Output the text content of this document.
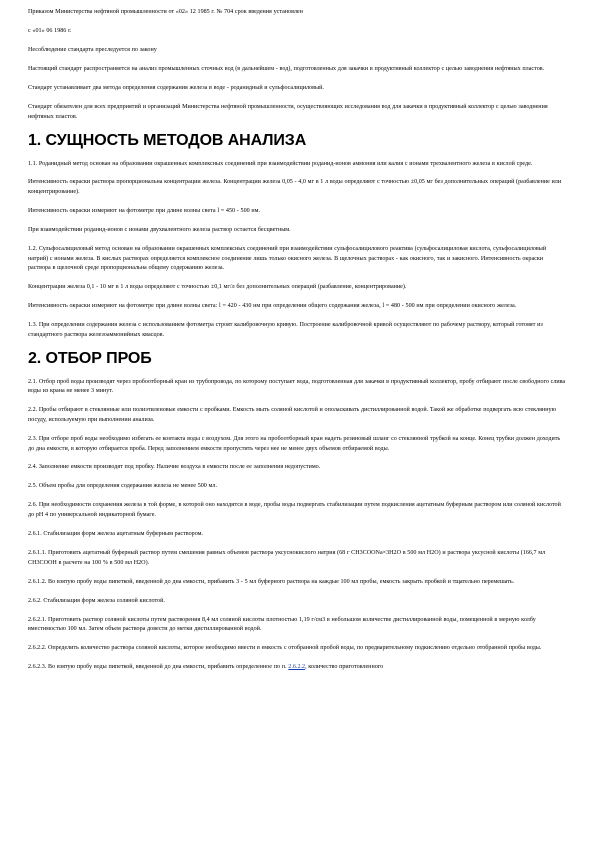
Приказом Министерства нефтяной промышленности от «02» 12 1985 г. № 704 срок введения установлен

с «01» 06 1986 г.

Несоблюдение стандарта преследуется по закону

Настоящий стандарт распространяется на анализ промышленных сточных вод (в дальнейшем - вод), подготовленных для закачки в продуктивный коллектор с целью заводнения нефтяных пластов.

Стандарт устанавливает два метода определения содержания железа в воде - роданидный и сульфосалициловый.

Стандарт обязателен для всех предприятий и организаций Министерства нефтяной промышленности, осуществляющих исследования вод для закачки в продуктивный коллектор с целью заводнения нефтяных пластов.

1. СУЩНОСТЬ МЕТОДОВ АНАЛИЗА

1.1. Роданидный метод основан на образовании окрашенных комплексных соединений при взаимодействии роданид-ионов аммония или калия с ионами трехвалентного железа в кислой среде.

Интенсивность окраски раствора пропорциональна концентрации железа. Концентрации железа 0,05 - 4,0 мг в 1 л воды определяют с точностью ±0,05 мг без дополнительных операций (разбавление или концентрирование).

Интенсивность окраски измеряют на фотометре при длине волны света l = 450 - 500 нм.

При взаимодействии роданид-ионов с ионами двухвалентного железа раствор остается бесцветным.

1.2. Сульфосалициловый метод основан на образовании окрашенных комплексных соединений при взаимодействии сульфосалицилового реактива (сульфосалициловая кислота, сульфосалициловый натрий) с ионами железа. В кислых растворах определяется комплексное соединение лишь только окисного железа. В щелочных растворах - как окисного, так и закисного. Интенсивность окраски раствора в щелочной среде пропорциональна общему содержанию железа.

Концентрации железа 0,1 - 10 мг в 1 л воды определяют с точностью ±0,1 мг/л без дополнительных операций (разбавление, концентрирование).

Интенсивность окраски измеряют на фотометре при длине волны света: l = 420 - 430 нм при определении общего содержания железа, l = 480 - 500 нм при определении окисного железа.

1.3. При определении содержания железа с использованием фотометра строят калибровочную кривую. Построение калибровочной кривой осуществляют по рабочему раствору, который готовят из стандартного раствора железоаммонийных квасцов.

2. ОТБОР ПРОБ

2.1. Отбор проб воды производят через пробоотборный кран из трубопровода, по которому поступает вода, подготовленная для закачки в продуктивный коллектор, пробу отбирают после свободного слива воды из крана не менее 3 минут.

2.2. Пробы отбирают в стеклянные или полиэтиленовые емкости с пробками. Емкость мыть соляной кислотой и ополаскивать дистиллированной водой. Такой же обработке подвергать всю стеклянную посуду, используемую при выполнении анализа.

2.3. При отборе проб воды необходимо избегать ее контакта воды с воздухом. Для этого на пробоотборный кран надеть резиновый шланг со стеклянной трубкой на конце. Конец трубки должен доходить до дна емкости, в которую отбирается проба. Перед заполнением емкости пропустить через нее не менее двух объемов отбираемой воды.

2.4. Заполнение емкости производят под пробку. Наличие воздуха в емкости после ее заполнения недопустимо.

2.5. Объем пробы для определения содержания железа не менее 500 мл.

2.6. При необходимости сохранения железа в той форме, в которой оно находится в воде, пробы воды подвергать стабилизации путем подкисления ацетатным буферным раствором или соляной кислотой до рН 4 по универсальной индикаторной бумаге.

2.6.1. Стабилизация форм железа ацетатным буферным раствором.

2.6.1.1. Приготовить ацетатный буферный раствор путем смешения равных объемов раствора уксуснокислого натрия (68 г CH3COONa×3H2O в 500 мл H2O) и раствора уксусной кислоты (166,7 мл CH3COOH в расчете на 100 % в 500 мл H2O).

2.6.1.2. Во взятую пробу воды пипеткой, введенной до дна емкости, прибавить 3 - 5 мл буферного раствора на каждые 100 мл пробы, емкость закрыть пробкой и тщательно перемешать.

2.6.2. Стабилизация форм железа соляной кислотой.

2.6.2.1. Приготовить раствор соляной кислоты путем растворения 8,4 мл соляной кислоты плотностью 1,19 г/см3 в небольшом количестве дистиллированной воды, помещенной в мерную колбу вместимостью 100 мл. Затем объем раствора довести до метки дистиллированной водой.

2.6.2.2. Определить количество раствора соляной кислоты, которое необходимо ввести в емкость с отобранной пробой воды, по предварительному подкислению отдельно отобранной пробы воды.

2.6.2.3. Во взятую пробу воды пипеткой, введенной до дна емкости, прибавить определенное по п. 2.6.2.2, количество приготовленного
